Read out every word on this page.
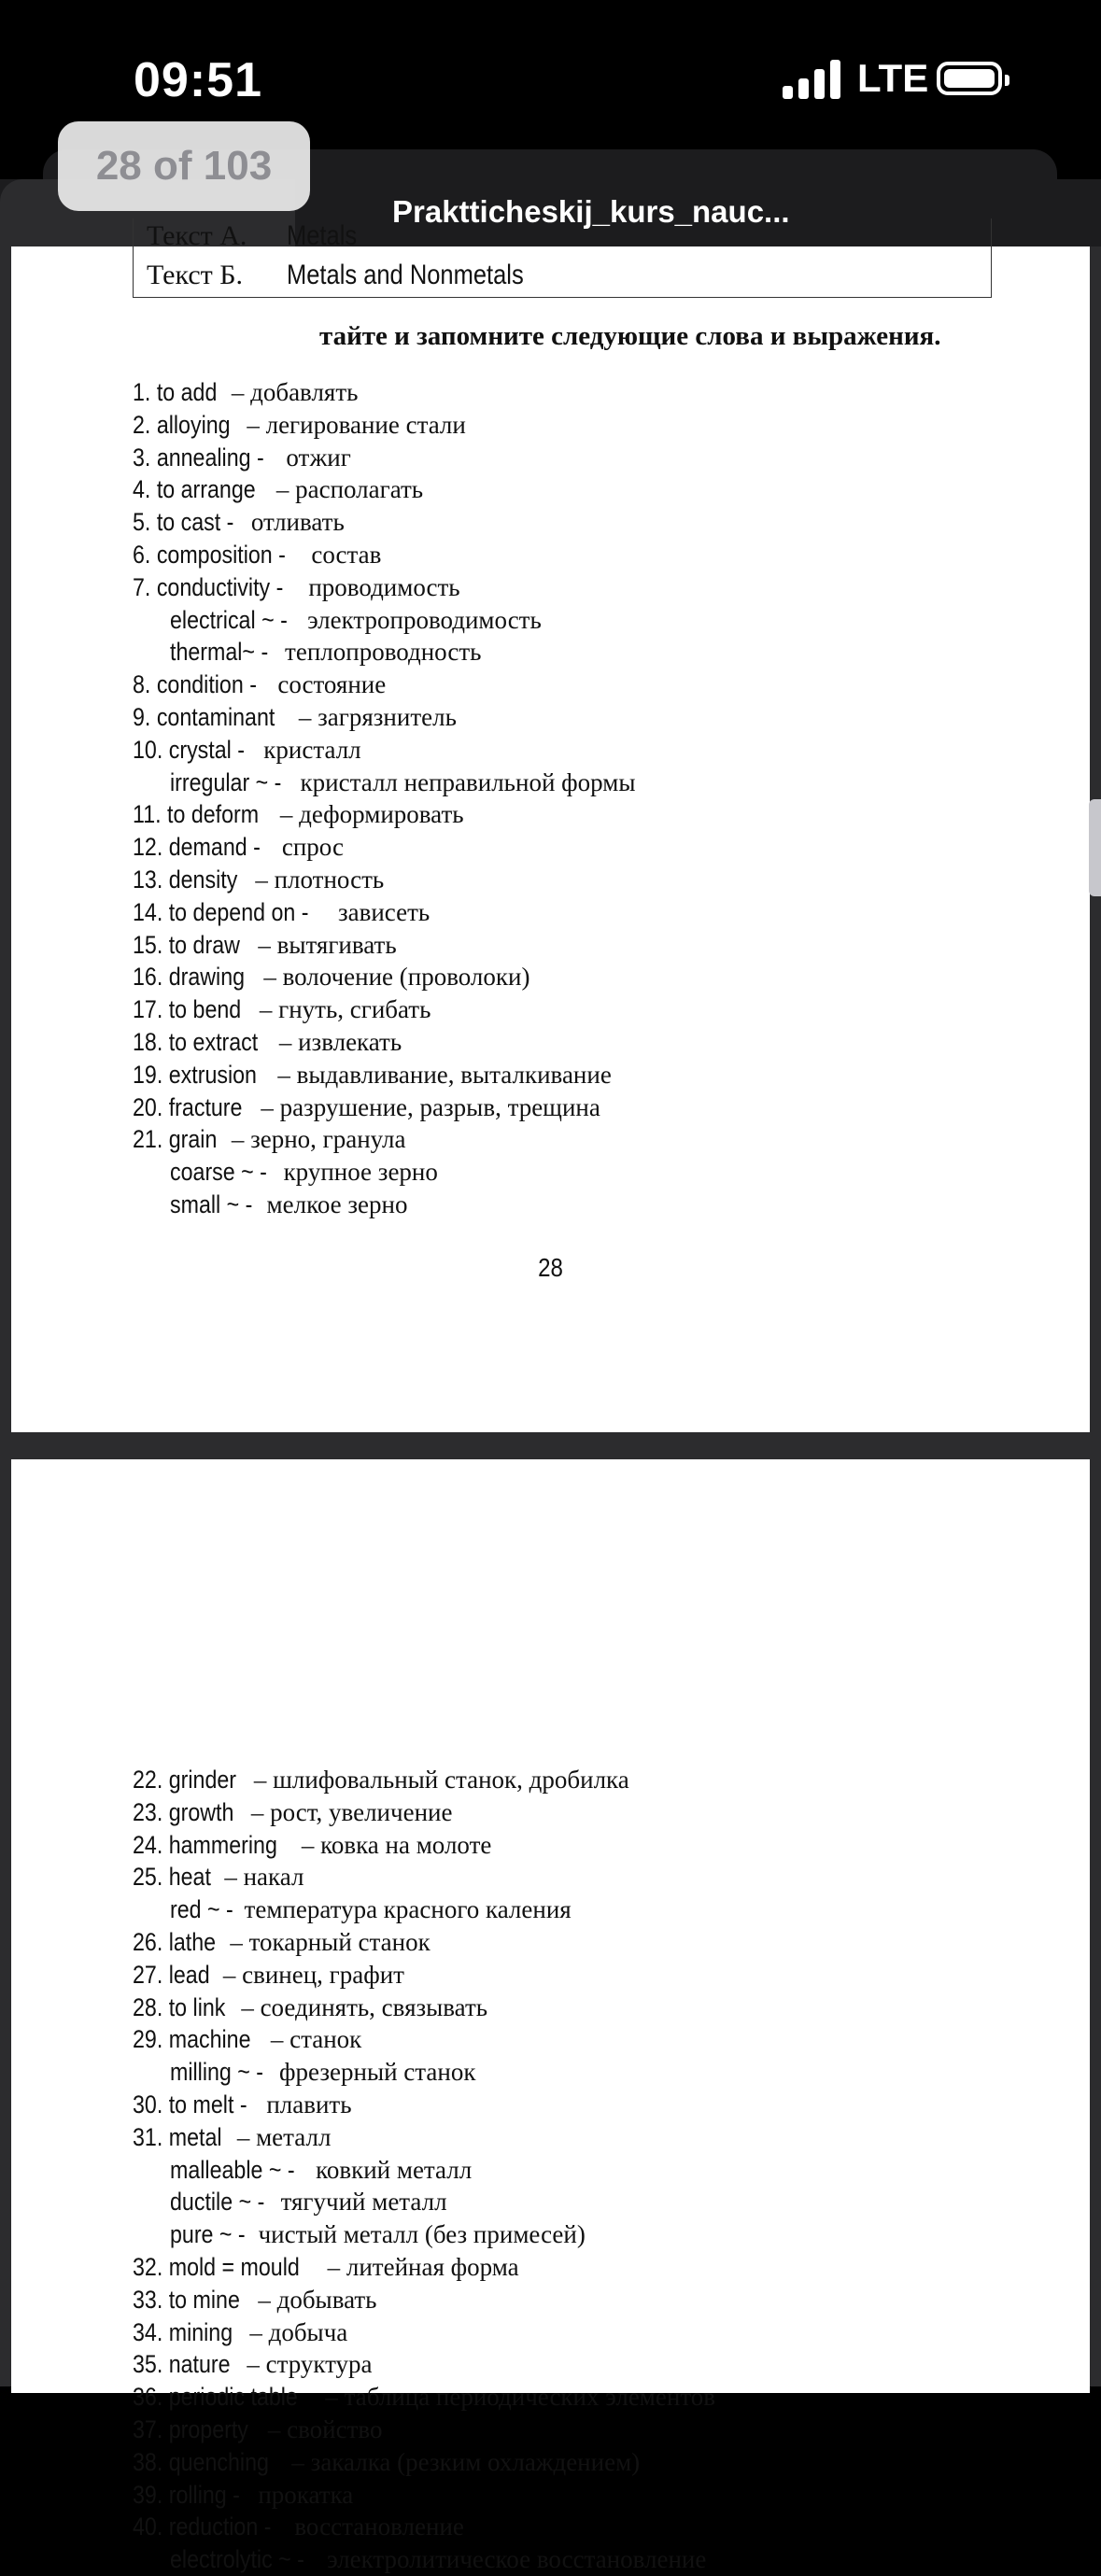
09:51	LTE
Praktticheskij_kurs_nauc...
Текст А. Metals
Текст Б. Metals and Nonmetals
тайте и запомните следующие слова и выражения.
1. to add – добавлять
2. alloying – легирование стали
3. annealing - отжиг
4. to arrange – располагать
5. to cast - отливать
6. composition - состав
7. conductivity - проводимость
electrical ~ - электропроводимость
thermal~ - теплопроводность
8. condition - состояние
9. contaminant – загрязнитель
10. crystal - кристалл
irregular ~ - кристалл неправильной формы
11. to deform – деформировать
12. demand - спрос
13. density – плотность
14. to depend on - зависеть
15. to draw – вытягивать
16. drawing – волочение (проволоки)
17. to bend – гнуть, сгибать
18. to extract – извлекать
19. extrusion – выдавливание, выталкивание
20. fracture – разрушение, разрыв, трещина
21. grain – зерно, гранула
coarse ~ - крупное зерно
small ~ - мелкое зерно
28
22. grinder – шлифовальный станок, дробилка
23. growth – рост, увеличение
24. hammering – ковка на молоте
25. heat – накал
red ~ - температура красного каления
26. lathe – токарный станок
27. lead – свинец, графит
28. to link – соединять, связывать
29. machine – станок
milling ~ - фрезерный станок
30. to melt - плавить
31. metal – металл
malleable ~ - ковкий металл
ductile ~ - тягучий металл
pure ~ - чистый металл (без примесей)
32. mold = mould – литейная форма
33. to mine – добывать
34. mining – добыча
35. nature – структура
36. periodic table – таблица периодических элементов
37. property – свойство
38. quenching – закалка (резким охлаждением)
39. rolling - прокатка
40. reduction - восстановление
electrolytic ~ - электролитическое восстановление
28 of 103
